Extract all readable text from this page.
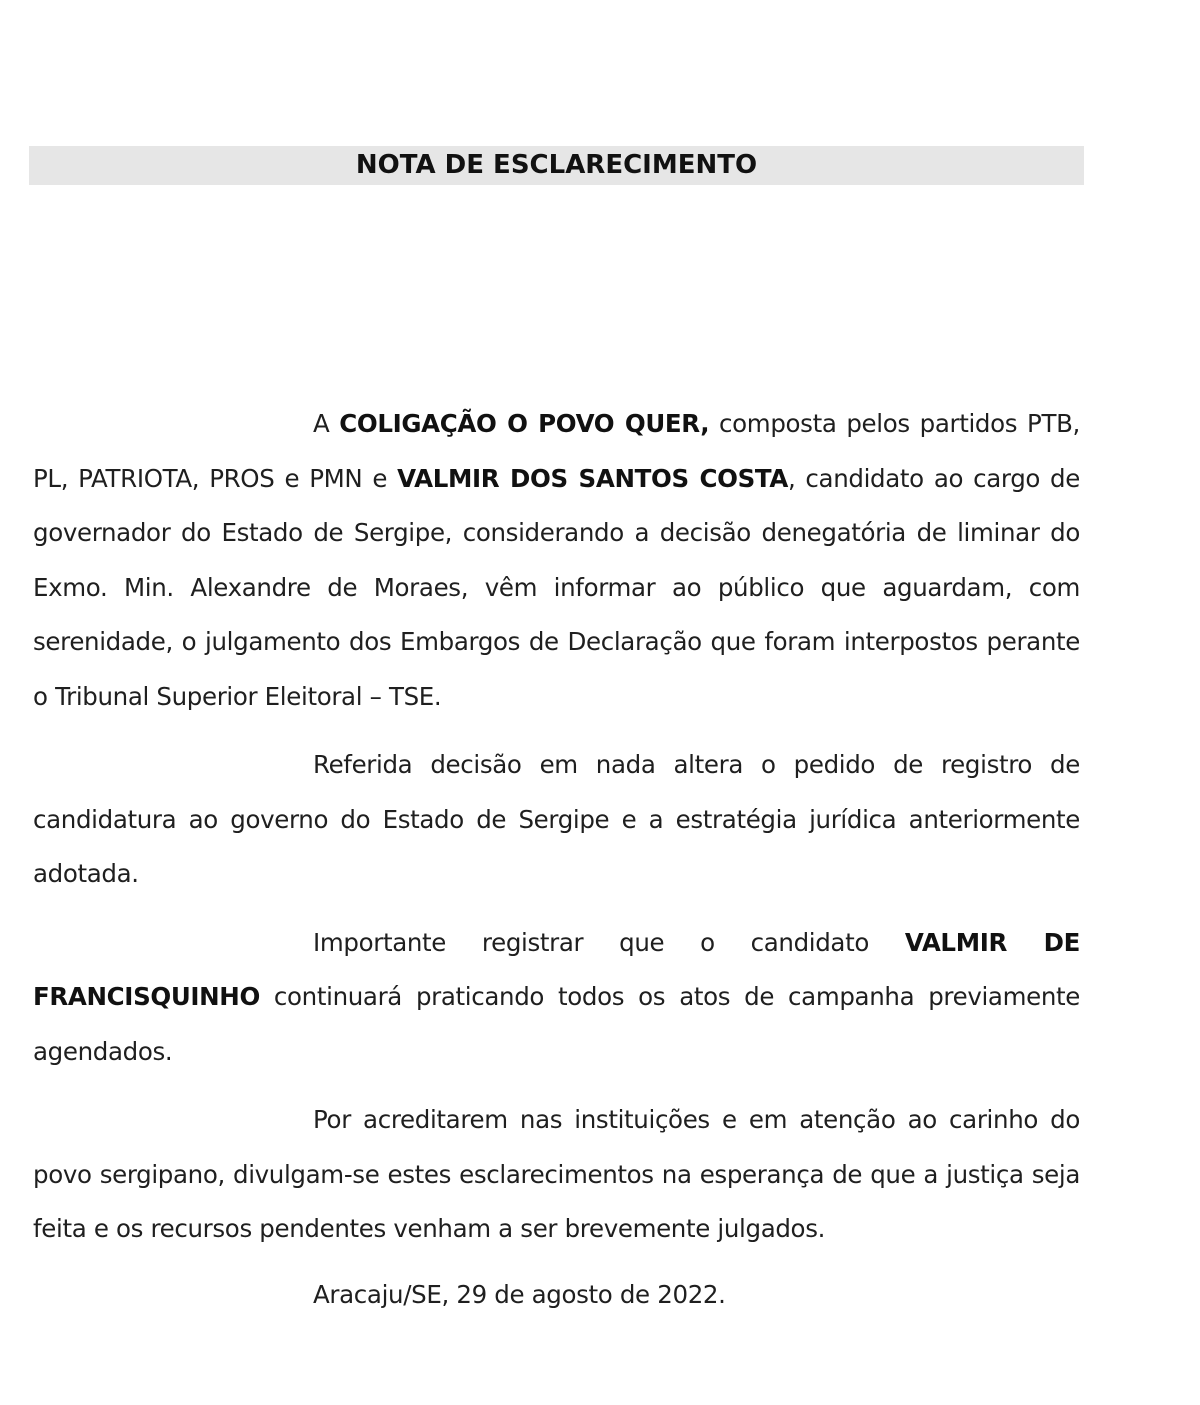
NOTA DE ESCLARECIMENTO

A COLIGAÇÃO O POVO QUER, composta pelos partidos PTB, PL, PATRIOTA, PROS e PMN e VALMIR DOS SANTOS COSTA, candidato ao cargo de governador do Estado de Sergipe, considerando a decisão denegatória de liminar do Exmo. Min. Alexandre de Moraes, vêm informar ao público que aguardam, com serenidade, o julgamento dos Embargos de Declaração que foram interpostos perante o Tribunal Superior Eleitoral – TSE.

Referida decisão em nada altera o pedido de registro de candidatura ao governo do Estado de Sergipe e a estratégia jurídica anteriormente adotada.

Importante registrar que o candidato VALMIR DE FRANCISQUINHO continuará praticando todos os atos de campanha previamente agendados.

Por acreditarem nas instituições e em atenção ao carinho do povo sergipano, divulgam-se estes esclarecimentos na esperança de que a justiça seja feita e os recursos pendentes venham a ser brevemente julgados.

Aracaju/SE, 29 de agosto de 2022.
